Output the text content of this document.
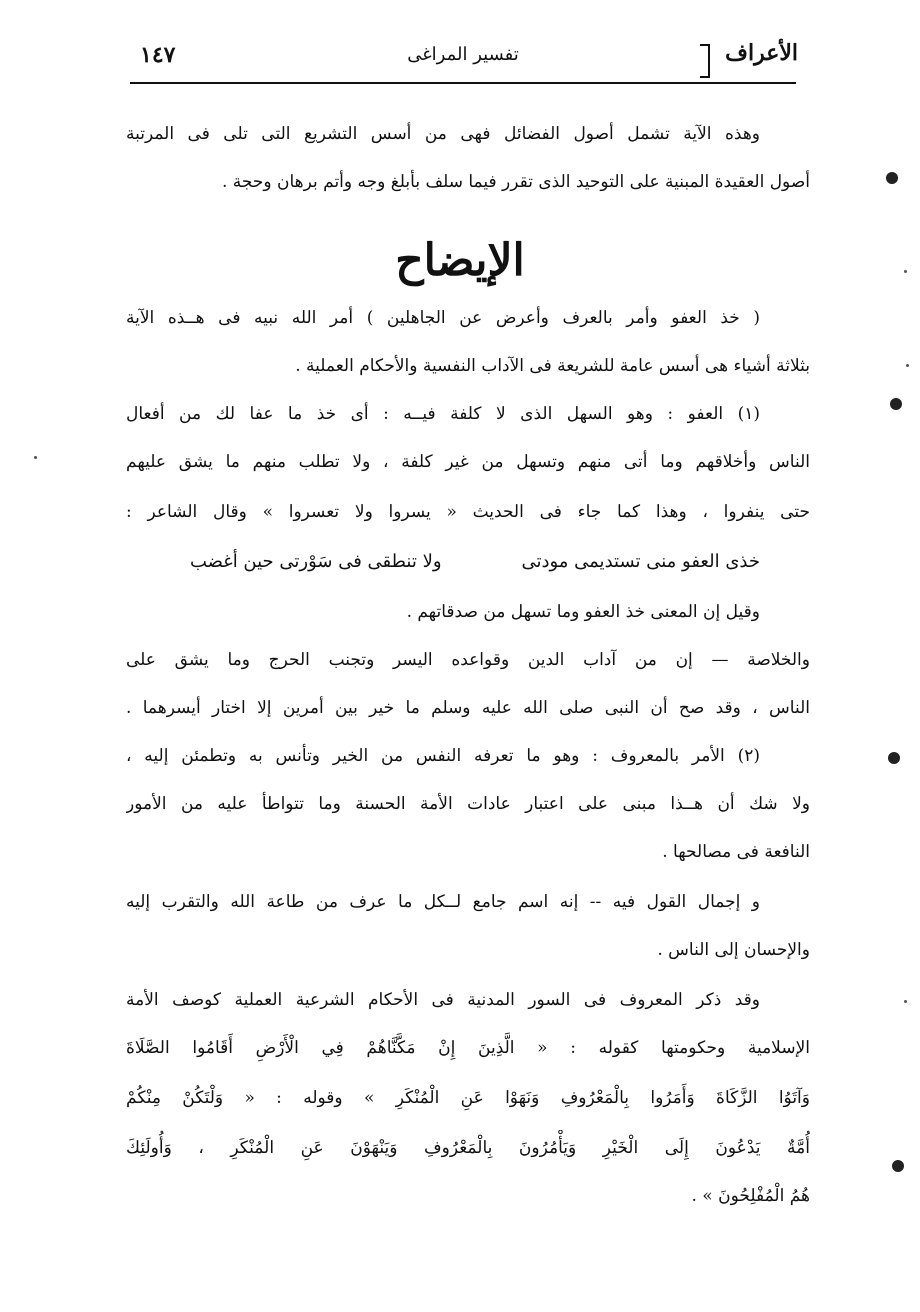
الأعراف
تفسير المراغى
١٤٧
وهذه الآية تشمل أصول الفضائل فهى من أسس التشريع التى تلى فى المرتبة
أصول العقيدة المبنية على التوحيد الذى تقرر فيما سلف بأبلغ وجه وأتم برهان وحجة .
الإيضاح
( خذ العفو وأمر بالعرف وأعرض عن الجاهلين ) أمر الله نبيه فى هــذه الآية
بثلاثة أشياء هى أسس عامة للشريعة فى الآداب النفسية والأحكام العملية .
(١) العفو : وهو السهل الذى لا كلفة فيــه : أى خذ ما عفا لك من أفعال
الناس وأخلاقهم وما أتى منهم وتسهل من غير كلفة ، ولا تطلب منهم ما يشق عليهم
حتى ينفروا ، وهذا كما جاء فى الحديث « يسروا ولا تعسروا » وقال الشاعر :
خذى العفو منى تستديمى مودتى
ولا تنطقى فى سَوْرتى حين أغضب
وقيل إن المعنى خذ العفو وما تسهل من صدقاتهم .
والخلاصة — إن من آداب الدين وقواعده اليسر وتجنب الحرج وما يشق على
الناس ، وقد صح أن النبى صلى الله عليه وسلم ما خير بين أمرين إلا اختار أيسرهما .
(٢) الأمر بالمعروف : وهو ما تعرفه النفس من الخير وتأنس به وتطمئن إليه ،
ولا شك أن هــذا مبنى على اعتبار عادات الأمة الحسنة وما تتواطأ عليه من الأمور
النافعة فى مصالحها .
و إجمال القول فيه -- إنه اسم جامع لــكل ما عرف من طاعة الله والتقرب إليه
والإحسان إلى الناس .
وقد ذكر المعروف فى السور المدنية فى الأحكام الشرعية العملية كوصف الأمة
الإسلامية وحكومتها كقوله : « الَّذِينَ إِنْ مَكَّنَّاهُمْ فِي الْأَرْضِ أَقَامُوا الصَّلَاةَ
وَآتَوُا الزَّكَاةَ وَأَمَرُوا بِالْمَعْرُوفِ وَنَهَوْا عَنِ الْمُنْكَرِ » وقوله : « وَلْتَكُنْ مِنْكُمْ
أُمَّةٌ يَدْعُونَ إِلَى الْخَيْرِ وَيَأْمُرُونَ بِالْمَعْرُوفِ وَيَنْهَوْنَ عَنِ الْمُنْكَرِ ، وَأُولَئِكَ
هُمُ الْمُفْلِحُونَ » .
